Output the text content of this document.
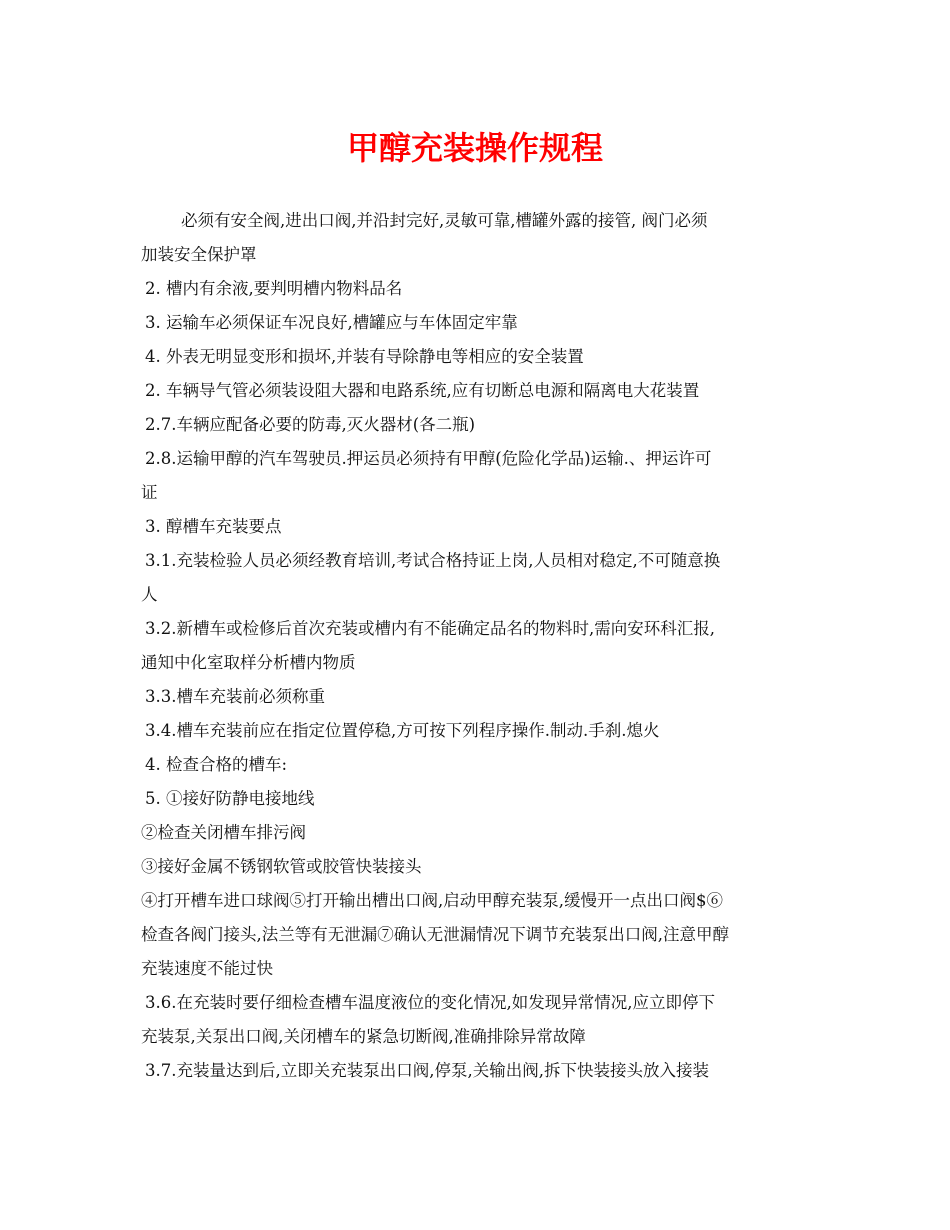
甲醇充装操作规程
必须有安全阀,进出口阀,并沿封完好,灵敏可靠,槽罐外露的接管, 阀门必须
加装安全保护罩
2. 槽内有余液,要判明槽内物料品名
3. 运输车必须保证车况良好,槽罐应与车体固定牢靠
4. 外表无明显变形和损坏,并装有导除静电等相应的安全装置
2. 车辆导气管必须装设阻大器和电路系统,应有切断总电源和隔离电大花装置
2.7.车辆应配备必要的防毒,灭火器材(各二瓶)
2.8.运输甲醇的汽车驾驶员.押运员必须持有甲醇(危险化学品)运输.、押运许可
证
3. 醇槽车充装要点
3.1.充装检验人员必须经教育培训,考试合格持证上岗,人员相对稳定,不可随意换
人
3.2.新槽车或检修后首次充装或槽内有不能确定品名的物料时,需向安环科汇报,
通知中化室取样分析槽内物质
3.3.槽车充装前必须称重
3.4.槽车充装前应在指定位置停稳,方可按下列程序操作.制动.手刹.熄火
4. 检查合格的槽车:
5. ①接好防静电接地线
②检查关闭槽车排污阀
③接好金属不锈钢软管或胶管快装接头
④打开槽车进口球阀⑤打开输出槽出口阀,启动甲醇充装泵,缓慢开一点出口阀$⑥
检查各阀门接头,法兰等有无泄漏⑦确认无泄漏情况下调节充装泵出口阀,注意甲醇
充装速度不能过快
3.6.在充装时要仔细检查槽车温度液位的变化情况,如发现异常情况,应立即停下
充装泵,关泵出口阀,关闭槽车的紧急切断阀,准确排除异常故障
3.7.充装量达到后,立即关充装泵出口阀,停泵,关输出阀,拆下快装接头放入接装
